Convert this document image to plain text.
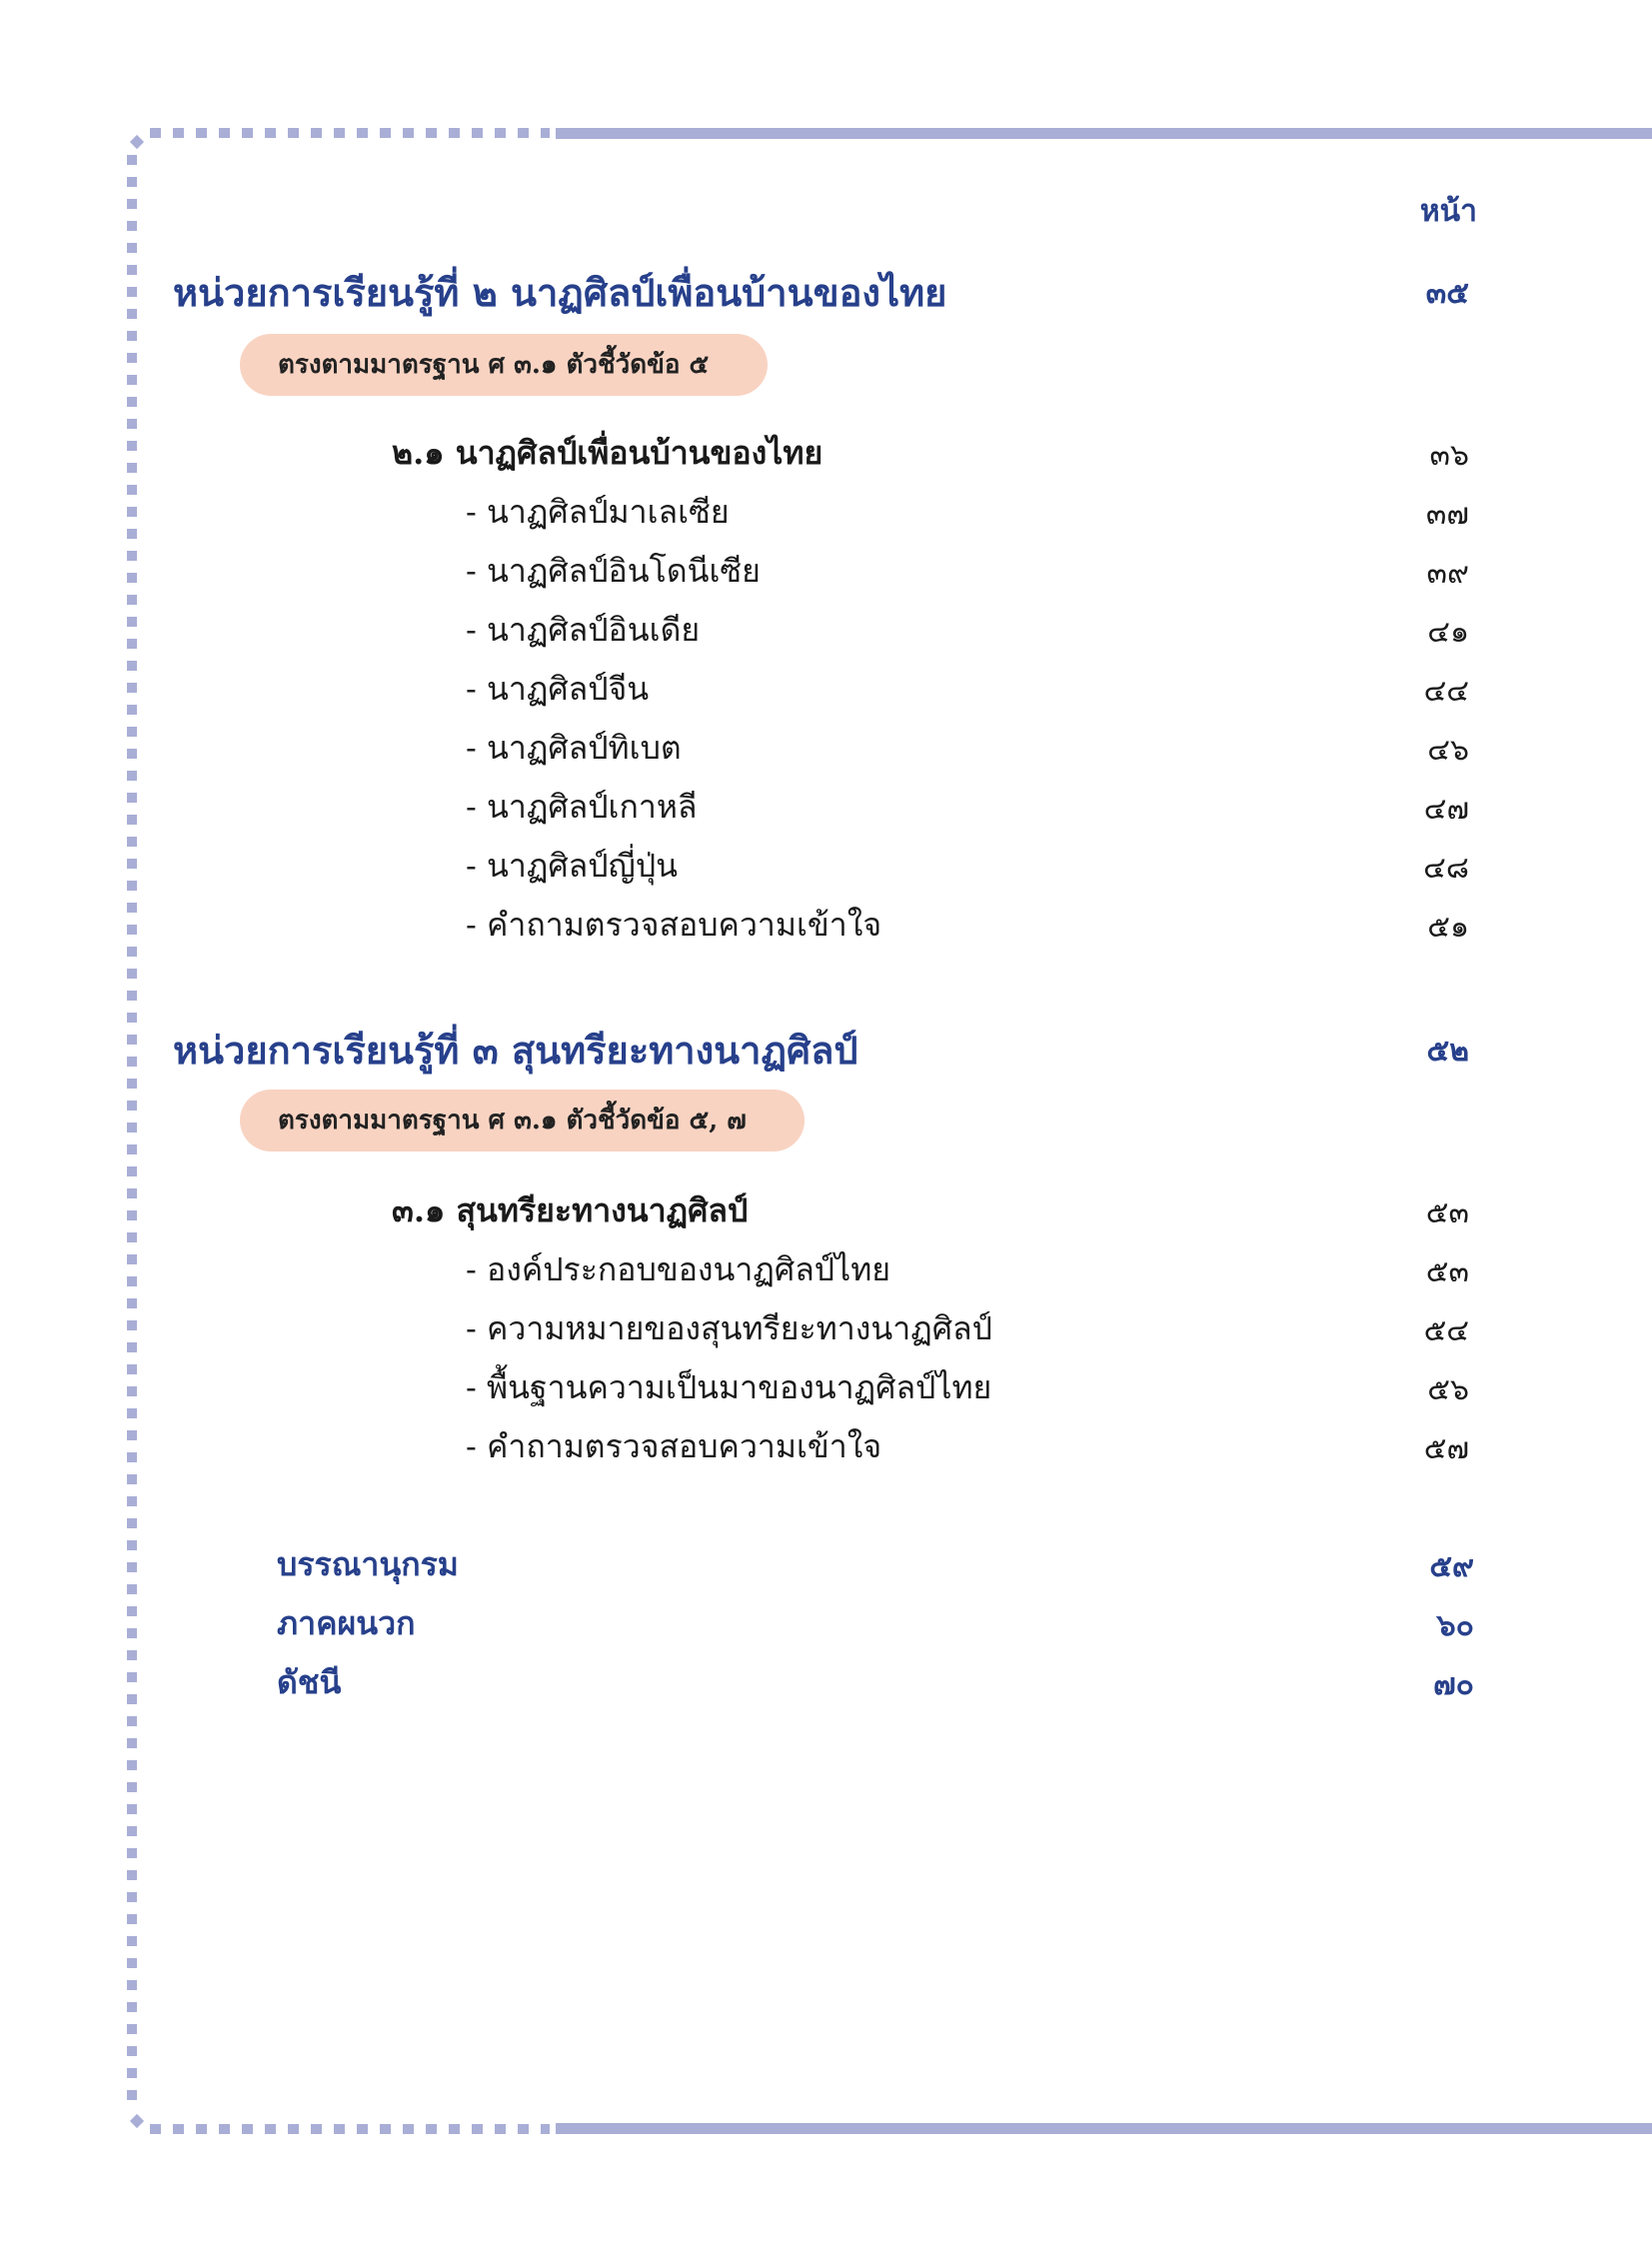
หน้า
หน่วยการเรียนรู้ที่ ๒ นาฏศิลป์เพื่อนบ้านของไทย	๓๕
ตรงตามมาตรฐาน ศ ๓.๑ ตัวชี้วัดข้อ ๕
๒.๑ นาฏศิลป์เพื่อนบ้านของไทย	๓๖
- นาฏศิลป์มาเลเซีย	๓๗
- นาฏศิลป์อินโดนีเซีย	๓๙
- นาฏศิลป์อินเดีย	๔๑
- นาฏศิลป์จีน	๔๔
- นาฏศิลป์ทิเบต	๔๖
- นาฏศิลป์เกาหลี	๔๗
- นาฏศิลป์ญี่ปุ่น	๔๘
- คำถามตรวจสอบความเข้าใจ	๕๑
หน่วยการเรียนรู้ที่ ๓ สุนทรียะทางนาฏศิลป์	๕๒
ตรงตามมาตรฐาน ศ ๓.๑ ตัวชี้วัดข้อ ๕, ๗
๓.๑ สุนทรียะทางนาฏศิลป์	๕๓
- องค์ประกอบของนาฏศิลป์ไทย	๕๓
- ความหมายของสุนทรียะทางนาฏศิลป์	๕๔
- พื้นฐานความเป็นมาของนาฏศิลป์ไทย	๕๖
- คำถามตรวจสอบความเข้าใจ	๕๗
บรรณานุกรม	๕๙
ภาคผนวก	๖๐
ดัชนี	๗๐
